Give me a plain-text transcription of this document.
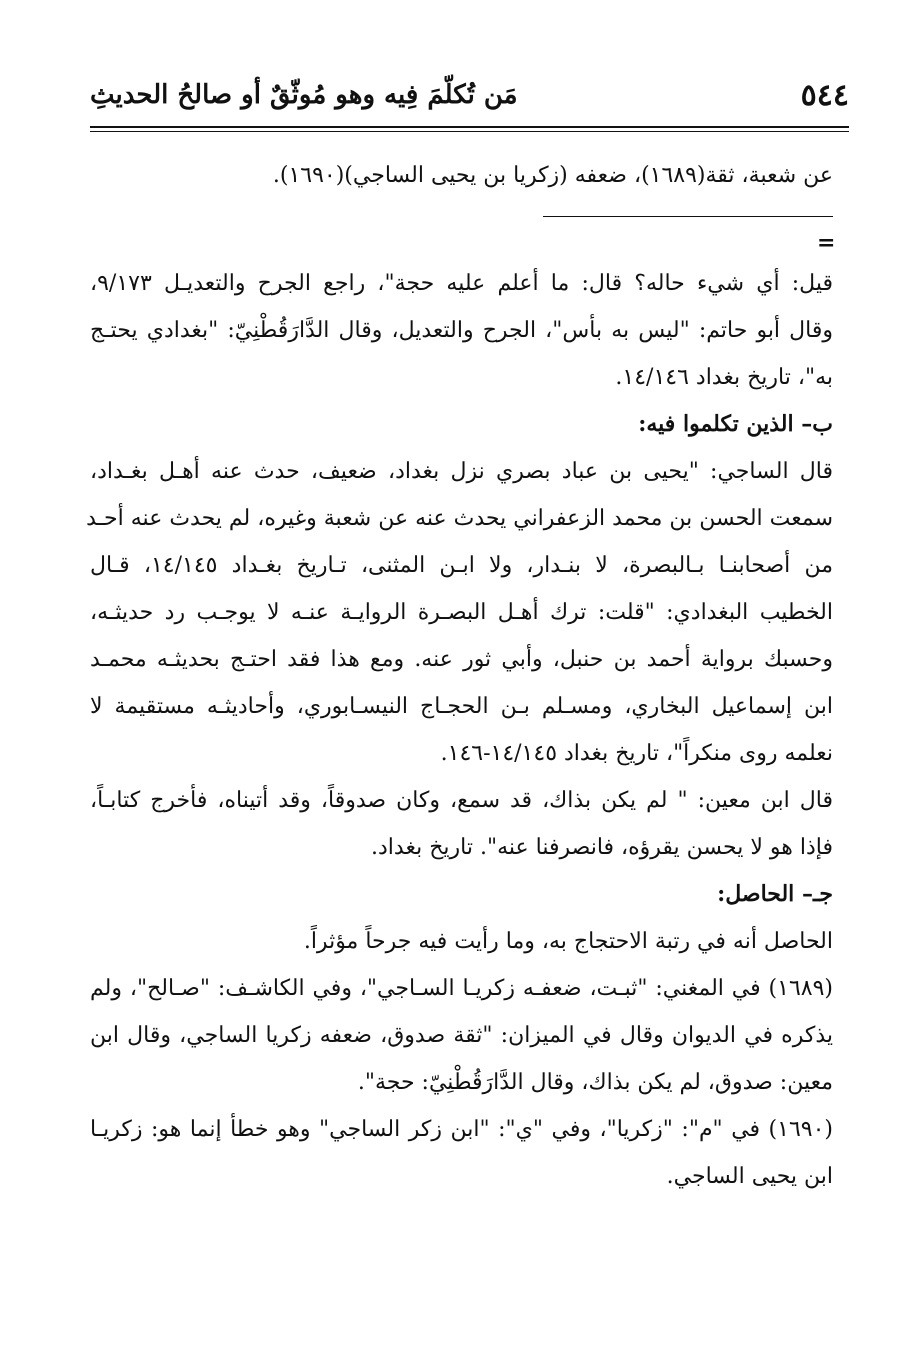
٥٤٤
مَن تُكلّمَ فِيه وهو مُوثّقٌ أو صالحُ الحديثِ
عن شعبة، ثقة(١٦٨٩)، ضعفه (زكريا بن يحيى الساجي)(١٦٩٠).
=
قيل: أي شيء حاله؟ قال: ما أعلم عليه حجة"، راجع الجرح والتعديـل ٩/١٧٣،
وقال أبو حاتم: "ليس به بأس"، الجرح والتعديل، وقال الدَّارَقُطْنِيّ: "بغدادي يحتـج
به"، تاريخ بغداد ١٤/١٤٦.
ب– الذين تكلموا فيه:
قال الساجي: "يحيى بن عباد بصري نزل بغداد، ضعيف، حدث عنه أهـل بغـداد،
سمعت الحسن بن محمد الزعفراني يحدث عنه عن شعبة وغيره، لم يحدث عنه أحـد
من أصحابنـا بـالبصرة، لا بنـدار، ولا ابـن المثنى، تـاريخ بغـداد ١٤/١٤٥، قـال
الخطيب البغدادي: "قلت: ترك أهـل البصـرة الروايـة عنـه لا يوجـب رد حديثـه،
وحسبك برواية أحمد بن حنبل، وأبي ثور عنه. ومع هذا فقد احتـج بحديثـه محمـد
ابن إسماعيل البخاري، ومسـلم بـن الحجـاج النيسـابوري، وأحاديثـه مستقيمة لا
نعلمه روى منكراً"، تاريخ بغداد ١٤/١٤٥-١٤٦.
قال ابن معين: " لم يكن بذاك، قد سمع، وكان صدوقاً، وقد أتيناه، فأخرج كتابـاً،
فإذا هو لا يحسن يقرؤه، فانصرفنا عنه". تاريخ بغداد.
جـ– الحاصل:
الحاصل أنه في رتبة الاحتجاج به، وما رأيت فيه جرحاً مؤثراً.
(١٦٨٩) في المغني: "ثبـت، ضعفـه زكريـا السـاجي"، وفي الكاشـف: "صـالح"، ولم
يذكره في الديوان وقال في الميزان: "ثقة صدوق، ضعفه زكريا الساجي، وقال ابن
معين: صدوق، لم يكن بذاك، وقال الدَّارَقُطْنِيّ: حجة".
(١٦٩٠) في "م": "زكريا"، وفي "ي": "ابن زكر الساجي" وهو خطأ إنما هو: زكريـا
ابن يحيى الساجي.
